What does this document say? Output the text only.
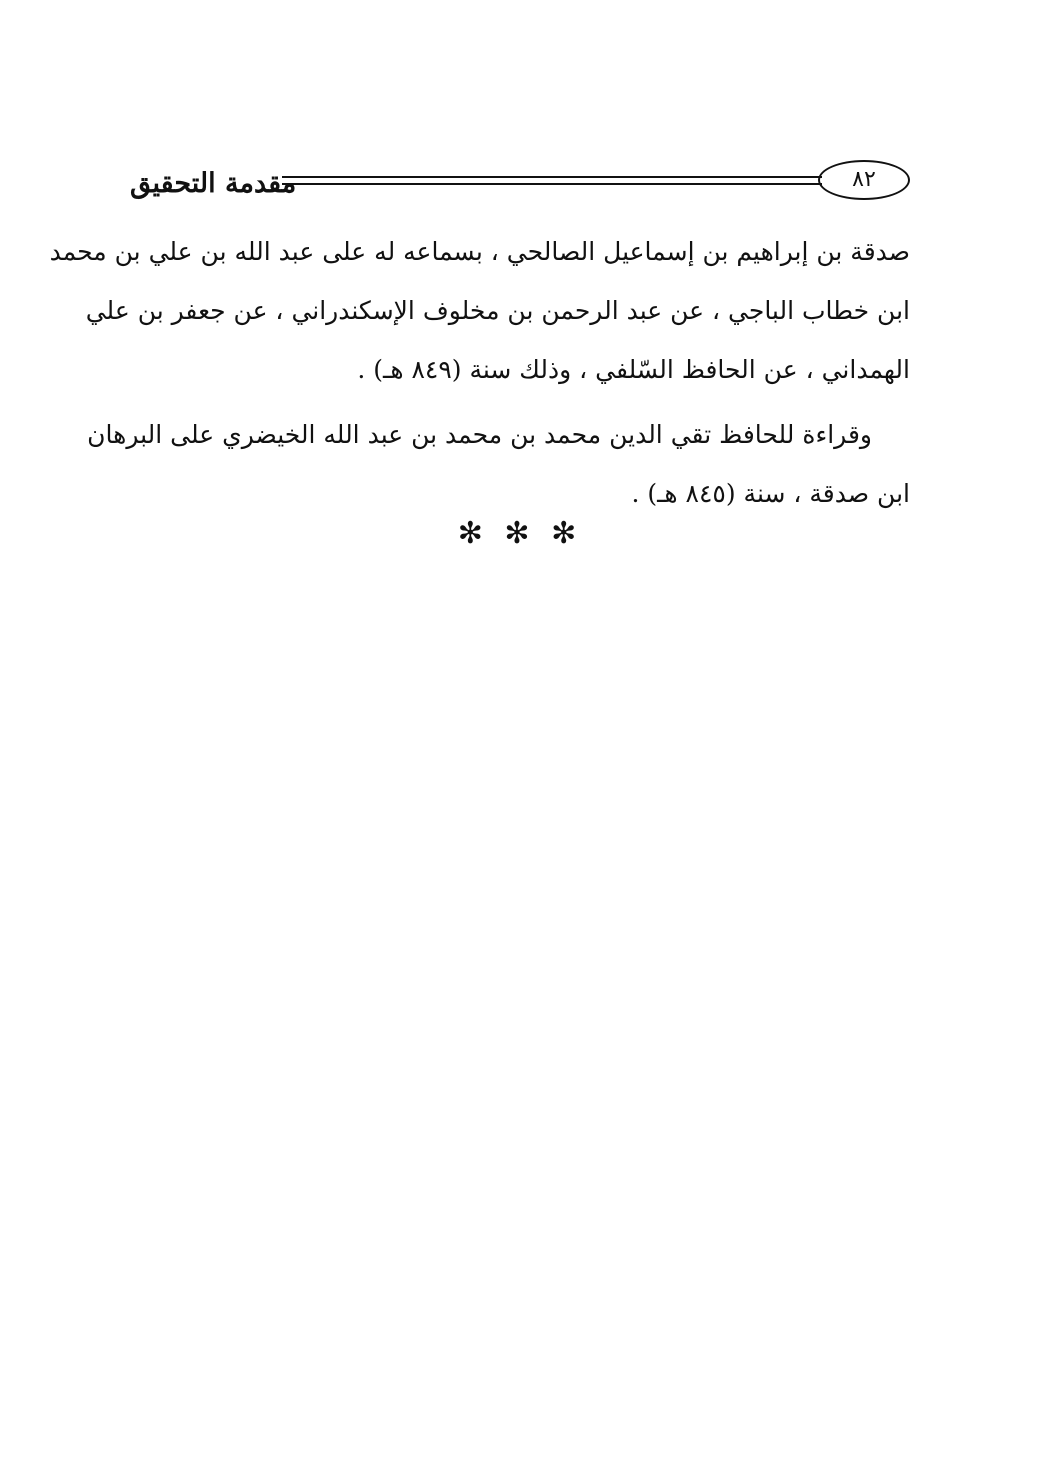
مقدمة التحقيق	٨٢

صدقة بن إبراهيم بن إسماعيل الصالحي ، بسماعه له على عبد الله بن علي بن محمد
ابن خطاب الباجي ، عن عبد الرحمن بن مخلوف الإسكندراني ، عن جعفر بن علي
الهمداني ، عن الحافظ السّلفي ، وذلك سنة (٨٤٩ هـ) .

وقراءة للحافظ تقي الدين محمد بن محمد بن عبد الله الخيضري على البرهان
ابن صدقة ، سنة (٨٤٥ هـ) .

✻ ✻ ✻
